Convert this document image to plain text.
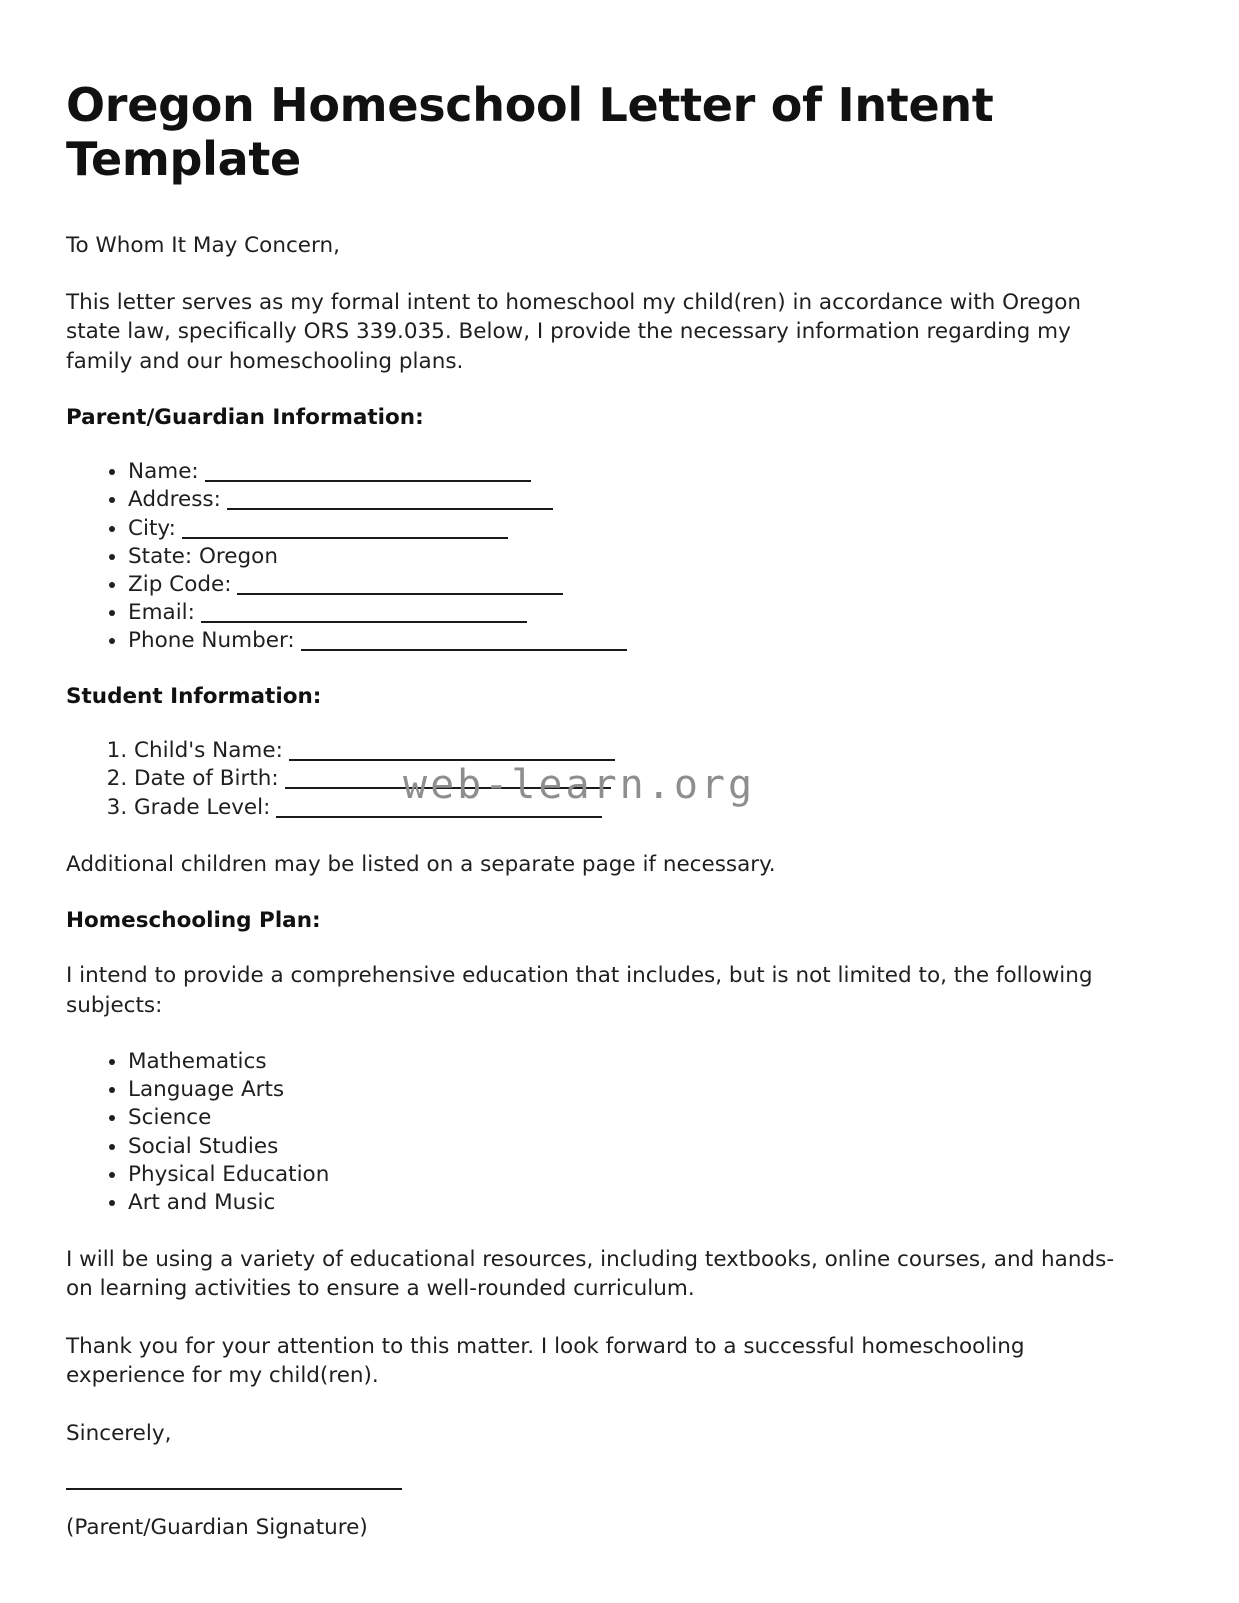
Oregon Homeschool Letter of Intent Template

To Whom It May Concern,

This letter serves as my formal intent to homeschool my child(ren) in accordance with Oregon state law, specifically ORS 339.035. Below, I provide the necessary information regarding my family and our homeschooling plans.

Parent/Guardian Information:
• Name:
• Address:
• City:
• State: Oregon
• Zip Code:
• Email:
• Phone Number:
Student Information:
1. Child's Name:
2. Date of Birth:
3. Grade Level:

Additional children may be listed on a separate page if necessary.

Homeschooling Plan:

I intend to provide a comprehensive education that includes, but is not limited to, the following subjects:

• Mathematics
• Language Arts
• Science
• Social Studies
• Physical Education
• Art and Music

I will be using a variety of educational resources, including textbooks, online courses, and hands-on learning activities to ensure a well-rounded curriculum.

Thank you for your attention to this matter. I look forward to a successful homeschooling experience for my child(ren).

Sincerely,

(Parent/Guardian Signature)

web-learn.org
